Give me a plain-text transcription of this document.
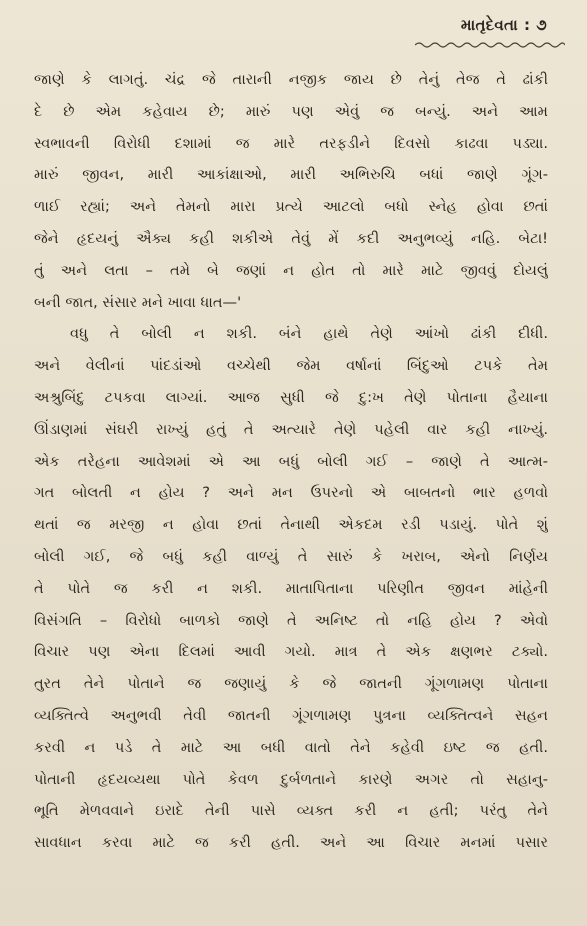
માતૃદેવતા : ૭
જાણે કે લાગતું. ચંદ્ર જે તારાની નજીક જાય છે તેનું તેજ તે ઢાંકી
દે છે એમ કહેવાય છે; મારું પણ એવું જ બન્યું. અને આમ
સ્વભાવની વિરોધી દશામાં જ મારે તરફડીને દિવસો કાઢવા પડ્યા.
મારું જીવન, મારી આકાંક્ષાઓ, મારી અભિરુચિ બધાં જાણે ગૂંગ-
ળાઈ રહ્યાં; અને તેમનો મારા પ્રત્યે આટલો બધો સ્નેહ હોવા છતાં
જેને હૃદયનું ઐક્ય કહી શકીએ તેવું મેં કદી અનુભવ્યું નહિ. બેટા!
તું અને લતા – તમે બે જણાં ન હોત તો મારે માટે જીવવું દોયલું
બની જાત, સંસાર મને ખાવા ધાત—'
વધુ તે બોલી ન શકી. બંને હાથે તેણે આંખો ઢાંકી દીધી.
અને વેલીનાં પાંદડાંઓ વચ્ચેથી જેમ વર્ષાનાં બિંદુઓ ટપકે તેમ
અશ્રુબિંદુ ટપકવા લાગ્યાં. આજ સુધી જે દુ:ખ તેણે પોતાના હૈયાના
ઊંડાણમાં સંઘરી રાખ્યું હતું તે અત્યારે તેણે પહેલી વાર કહી નાખ્યું.
એક તરેહના આવેશમાં એ આ બધું બોલી ગઈ – જાણે તે આત્મ-
ગત બોલતી ન હોય ? અને મન ઉપરનો એ બાબતનો ભાર હળવો
થતાં જ મરજી ન હોવા છતાં તેનાથી એકદમ રડી પડાયું. પોતે શું
બોલી ગઈ, જે બધું કહી વાળ્યું તે સારું કે ખરાબ, એનો નિર્ણય
તે પોતે જ કરી ન શકી. માતાપિતાના પરિણીત જીવન માંહેની
વિસંગતિ – વિરોધો બાળકો જાણે તે અનિષ્ટ તો નહિ હોય ? એવો
વિચાર પણ એના દિલમાં આવી ગયો. માત્ર તે એક ક્ષણભર ટક્યો.
તુરત તેને પોતાને જ જણાયું કે જે જાતની ગૂંગળામણ પોતાના
વ્યક્તિત્વે અનુભવી તેવી જાતની ગૂંગળામણ પુત્રના વ્યક્તિત્વને સહન
કરવી ન પડે તે માટે આ બધી વાતો તેને કહેવી ઇષ્ટ જ હતી.
પોતાની હૃદયવ્યથા પોતે કેવળ દુર્બળતાને કારણે અગર તો સહાનુ-
ભૂતિ મેળવવાને ઇરાદે તેની પાસે વ્યક્ત કરી ન હતી; પરંતુ તેને
સાવધાન કરવા માટે જ કરી હતી. અને આ વિચાર મનમાં પસાર
